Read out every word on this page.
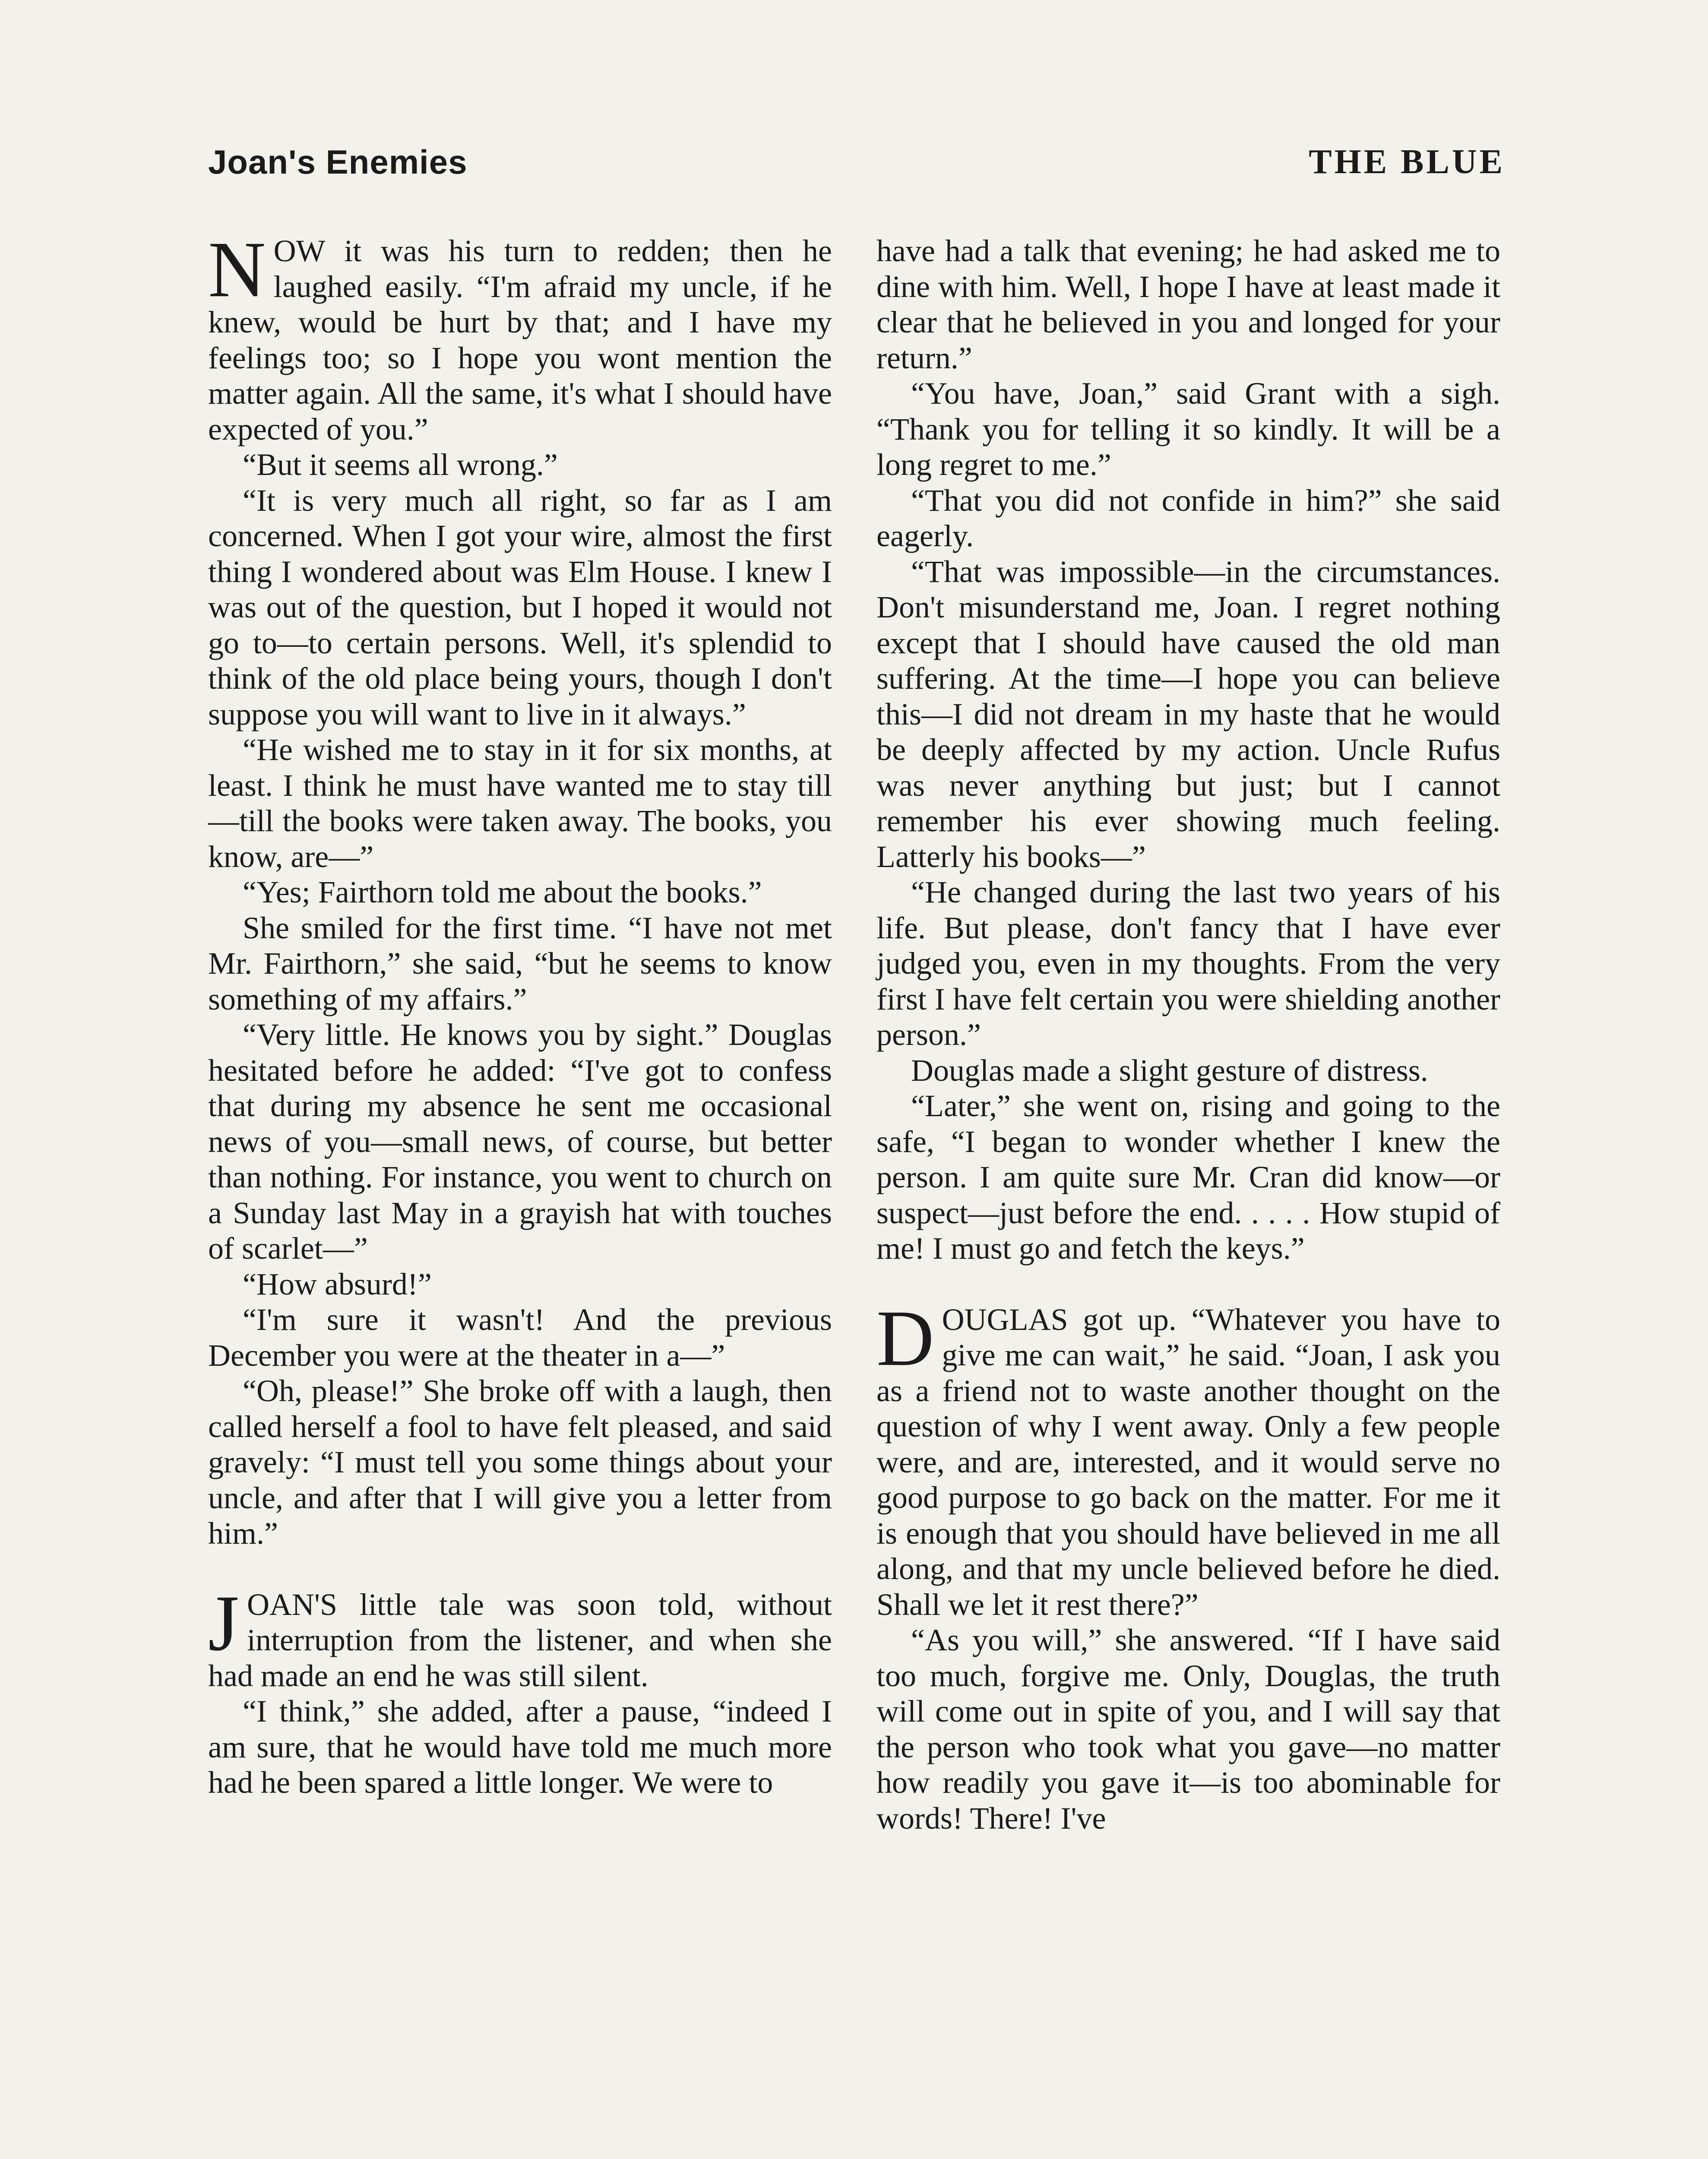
Joan's Enemies	THE BLUE

NOW it was his turn to redden; then he laughed easily. “I'm afraid my uncle, if he knew, would be hurt by that; and I have my feelings too; so I hope you wont mention the matter again. All the same, it's what I should have expected of you.”

“But it seems all wrong.”

“It is very much all right, so far as I am concerned. When I got your wire, almost the first thing I wondered about was Elm House. I knew I was out of the question, but I hoped it would not go to—to certain persons. Well, it's splendid to think of the old place being yours, though I don't suppose you will want to live in it always.”

“He wished me to stay in it for six months, at least. I think he must have wanted me to stay till—till the books were taken away. The books, you know, are—”

“Yes; Fairthorn told me about the books.”

She smiled for the first time. “I have not met Mr. Fairthorn,” she said, “but he seems to know something of my affairs.”

“Very little. He knows you by sight.” Douglas hesitated before he added: “I've got to confess that during my absence he sent me occasional news of you—small news, of course, but better than nothing. For instance, you went to church on a Sunday last May in a grayish hat with touches of scarlet—”

“How absurd!”

“I'm sure it wasn't! And the previous December you were at the theater in a—”

“Oh, please!” She broke off with a laugh, then called herself a fool to have felt pleased, and said gravely: “I must tell you some things about your uncle, and after that I will give you a letter from him.”

JOAN'S little tale was soon told, without interruption from the listener, and when she had made an end he was still silent.

“I think,” she added, after a pause, “indeed I am sure, that he would have told me much more had he been spared a little longer. We were to

have had a talk that evening; he had asked me to dine with him. Well, I hope I have at least made it clear that he believed in you and longed for your return.”

“You have, Joan,” said Grant with a sigh. “Thank you for telling it so kindly. It will be a long regret to me.”

“That you did not confide in him?” she said eagerly.

“That was impossible—in the circumstances. Don't misunderstand me, Joan. I regret nothing except that I should have caused the old man suffering. At the time—I hope you can believe this—I did not dream in my haste that he would be deeply affected by my action. Uncle Rufus was never anything but just; but I cannot remember his ever showing much feeling. Latterly his books—”

“He changed during the last two years of his life. But please, don't fancy that I have ever judged you, even in my thoughts. From the very first I have felt certain you were shielding another person.”

Douglas made a slight gesture of distress.

“Later,” she went on, rising and going to the safe, “I began to wonder whether I knew the person. I am quite sure Mr. Cran did know—or suspect—just before the end. . . . . How stupid of me! I must go and fetch the keys.”

DOUGLAS got up. “Whatever you have to give me can wait,” he said. “Joan, I ask you as a friend not to waste another thought on the question of why I went away. Only a few people were, and are, interested, and it would serve no good purpose to go back on the matter. For me it is enough that you should have believed in me all along, and that my uncle believed before he died. Shall we let it rest there?”

“As you will,” she answered. “If I have said too much, forgive me. Only, Douglas, the truth will come out in spite of you, and I will say that the person who took what you gave—no matter how readily you gave it—is too abominable for words! There! I've
